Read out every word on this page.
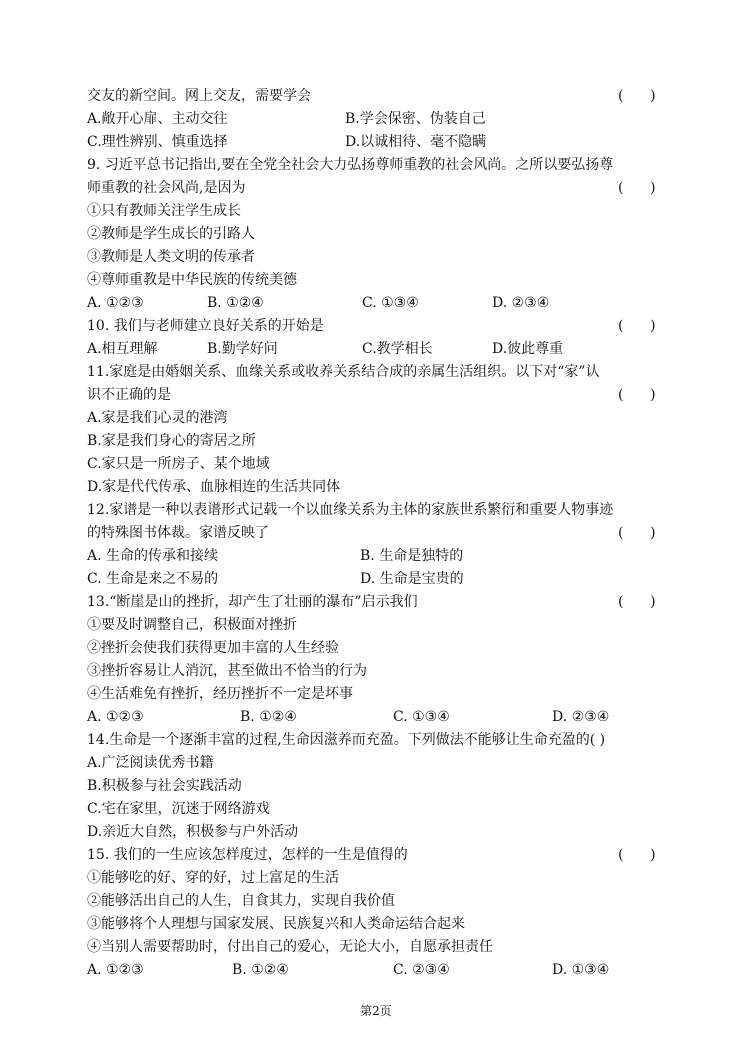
交友的新空间。网上交友，需要学会	(      )
A.敞开心扉、主动交往	B.学会保密、伪装自己
C.理性辨别、慎重选择	D.以诚相待、毫不隐瞒
9. 习近平总书记指出,要在全党全社会大力弘扬尊师重教的社会风尚。之所以要弘扬尊
师重教的社会风尚,是因为	(      )
①只有教师关注学生成长
②教师是学生成长的引路人
③教师是人类文明的传承者
④尊师重教是中华民族的传统美德
A. ①②③	B. ①②④	C. ①③④	D. ②③④
10. 我们与老师建立良好关系的开始是	(      )
A.相互理解	B.勤学好问	C.教学相长	D.彼此尊重
11.家庭是由婚姻关系、血缘关系或收养关系结合成的亲属生活组织。以下对“家”认
识不正确的是	(      )
A.家是我们心灵的港湾
B.家是我们身心的寄居之所
C.家只是一所房子、某个地域
D.家是代代传承、血脉相连的生活共同体
12.家谱是一种以表谱形式记载一个以血缘关系为主体的家族世系繁衍和重要人物事迹
的特殊图书体裁。家谱反映了	(      )
A. 生命的传承和接续	B. 生命是独特的
C. 生命是来之不易的	D. 生命是宝贵的
13.“断崖是山的挫折，却产生了壮丽的瀑布”启示我们	(      )
①要及时调整自己，积极面对挫折
②挫折会使我们获得更加丰富的人生经验
③挫折容易让人消沉，甚至做出不恰当的行为
④生活难免有挫折，经历挫折不一定是坏事
A. ①②③	B. ①②④	C. ①③④	D. ②③④
14.生命是一个逐渐丰富的过程,生命因滋养而充盈。下列做法不能够让生命充盈的( )
A.广泛阅读优秀书籍
B.积极参与社会实践活动
C.宅在家里，沉迷于网络游戏
D.亲近大自然，积极参与户外活动
15. 我们的一生应该怎样度过，怎样的一生是值得的	(      )
①能够吃的好、穿的好，过上富足的生活
②能够活出自己的人生，自食其力，实现自我价值
③能够将个人理想与国家发展、民族复兴和人类命运结合起来
④当别人需要帮助时，付出自己的爱心，无论大小，自愿承担责任
A. ①②③	B. ①②④	C. ②③④	D. ①③④
第2页
